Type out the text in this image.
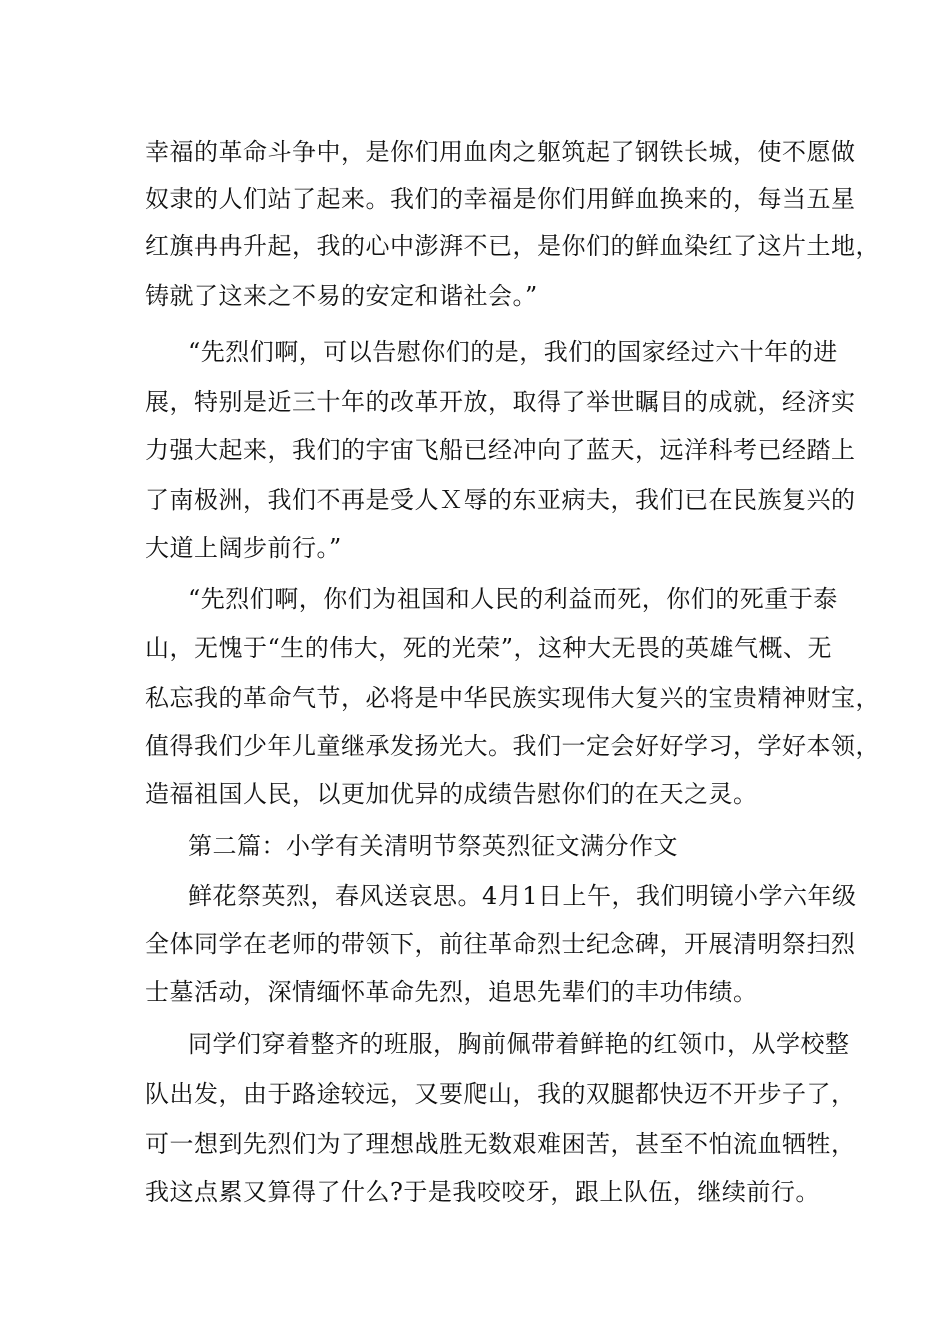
幸福的革命斗争中，是你们用血肉之躯筑起了钢铁长城，使不愿做
奴隶的人们站了起来。我们的幸福是你们用鲜血换来的，每当五星
红旗冉冉升起，我的心中澎湃不已，是你们的鲜血染红了这片土地，
铸就了这来之不易的安定和谐社会。”
“先烈们啊，可以告慰你们的是，我们的国家经过六十年的进
展，特别是近三十年的改革开放，取得了举世瞩目的成就，经济实
力强大起来，我们的宇宙飞船已经冲向了蓝天，远洋科考已经踏上
了南极洲，我们不再是受人Ｘ辱的东亚病夫，我们已在民族复兴的
大道上阔步前行。”
“先烈们啊，你们为祖国和人民的利益而死，你们的死重于泰
山，无愧于“生的伟大，死的光荣”，这种大无畏的英雄气概、无
私忘我的革命气节，必将是中华民族实现伟大复兴的宝贵精神财宝，
值得我们少年儿童继承发扬光大。我们一定会好好学习，学好本领，
造福祖国人民，以更加优异的成绩告慰你们的在天之灵。
第二篇：小学有关清明节祭英烈征文满分作文
鲜花祭英烈，春风送哀思。4月1日上午，我们明镜小学六年级
全体同学在老师的带领下，前往革命烈士纪念碑，开展清明祭扫烈
士墓活动，深情缅怀革命先烈，追思先辈们的丰功伟绩。
同学们穿着整齐的班服，胸前佩带着鲜艳的红领巾，从学校整
队出发，由于路途较远，又要爬山，我的双腿都快迈不开步子了，
可一想到先烈们为了理想战胜无数艰难困苦，甚至不怕流血牺牲，
我这点累又算得了什么?于是我咬咬牙，跟上队伍，继续前行。
